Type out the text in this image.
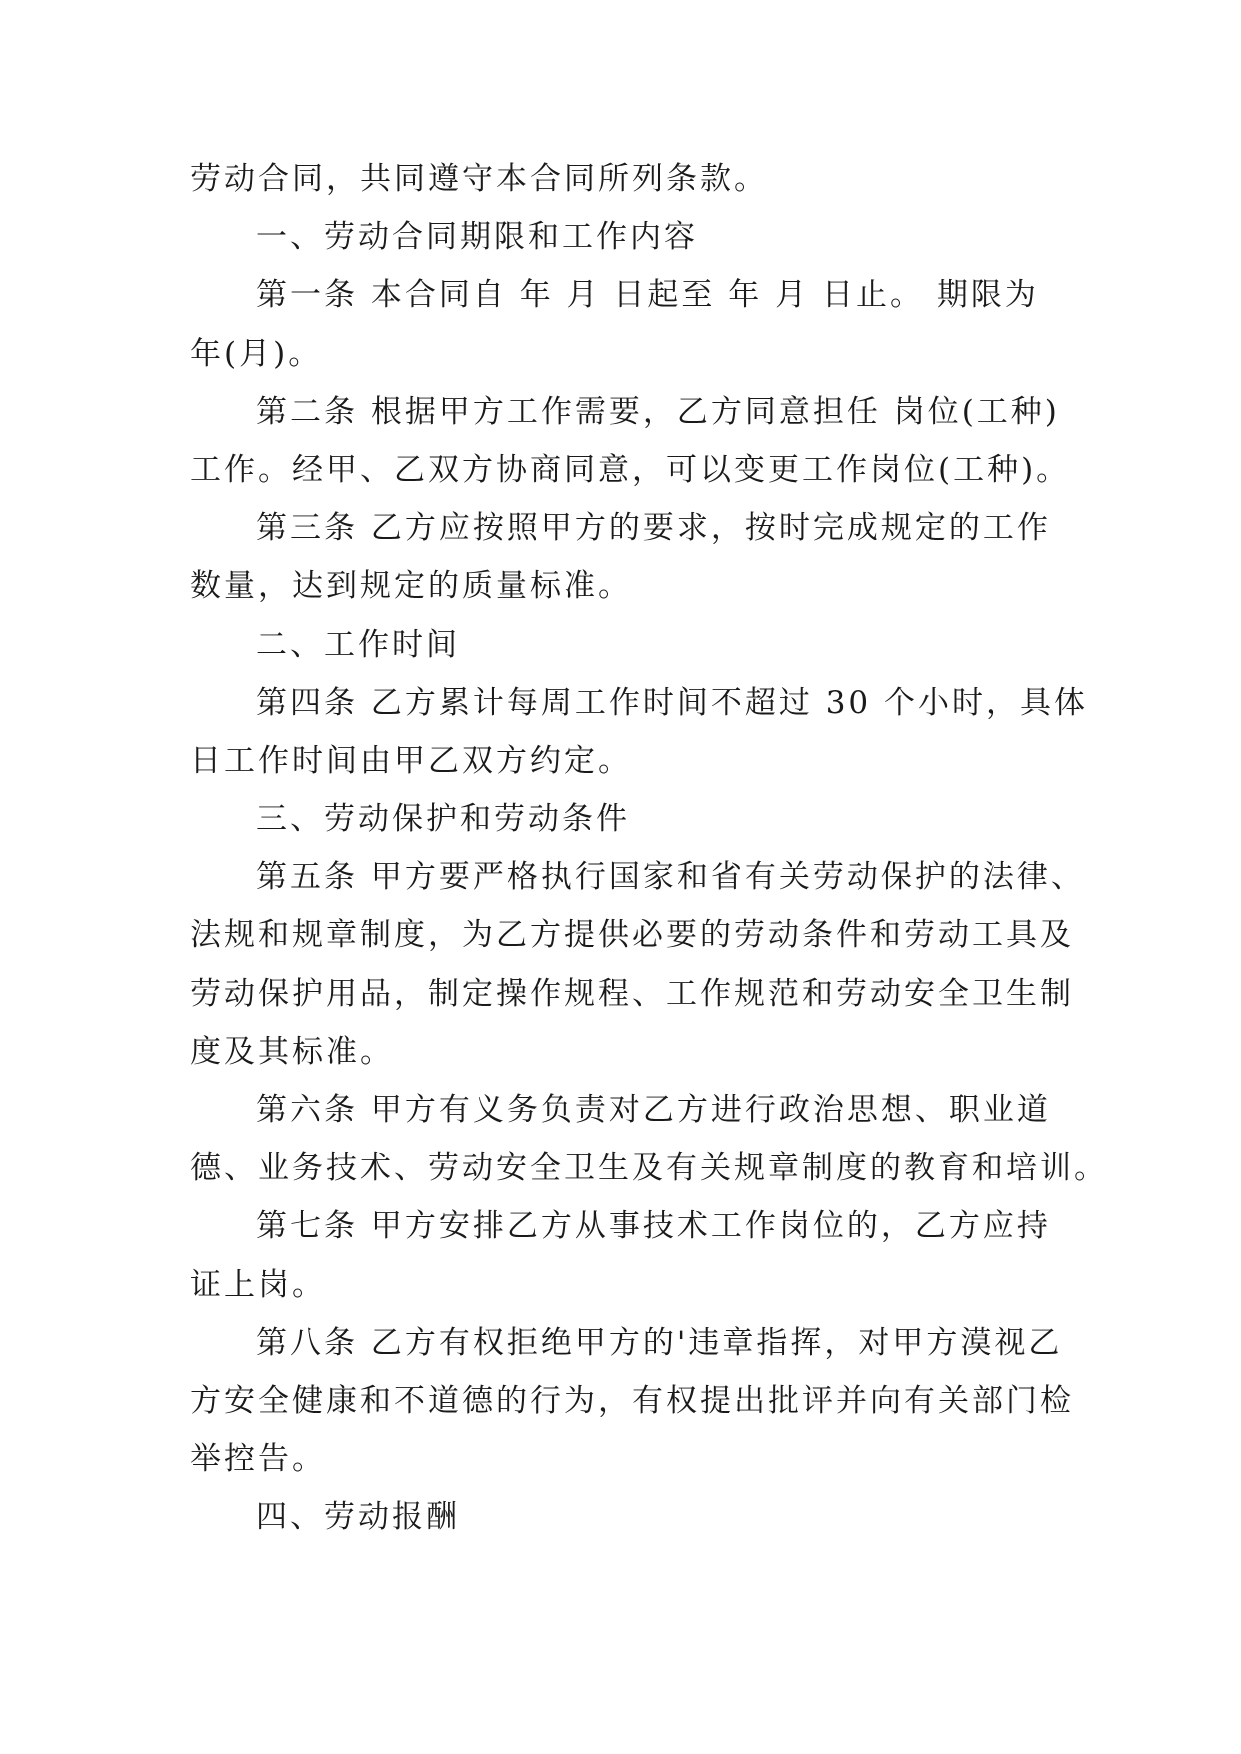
劳动合同，共同遵守本合同所列条款。
一、劳动合同期限和工作内容
第一条 本合同自 年 月 日起至 年 月 日止。 期限为
年(月)。
第二条 根据甲方工作需要，乙方同意担任 岗位(工种)
工作。经甲、乙双方协商同意，可以变更工作岗位(工种)。
第三条 乙方应按照甲方的要求，按时完成规定的工作
数量，达到规定的质量标准。
二、工作时间
第四条 乙方累计每周工作时间不超过 30 个小时，具体
日工作时间由甲乙双方约定。
三、劳动保护和劳动条件
第五条 甲方要严格执行国家和省有关劳动保护的法律、
法规和规章制度，为乙方提供必要的劳动条件和劳动工具及
劳动保护用品，制定操作规程、工作规范和劳动安全卫生制
度及其标准。
第六条 甲方有义务负责对乙方进行政治思想、职业道
德、业务技术、劳动安全卫生及有关规章制度的教育和培训。
第七条 甲方安排乙方从事技术工作岗位的，乙方应持
证上岗。
第八条 乙方有权拒绝甲方的'违章指挥，对甲方漠视乙
方安全健康和不道德的行为，有权提出批评并向有关部门检
举控告。
四、劳动报酬
